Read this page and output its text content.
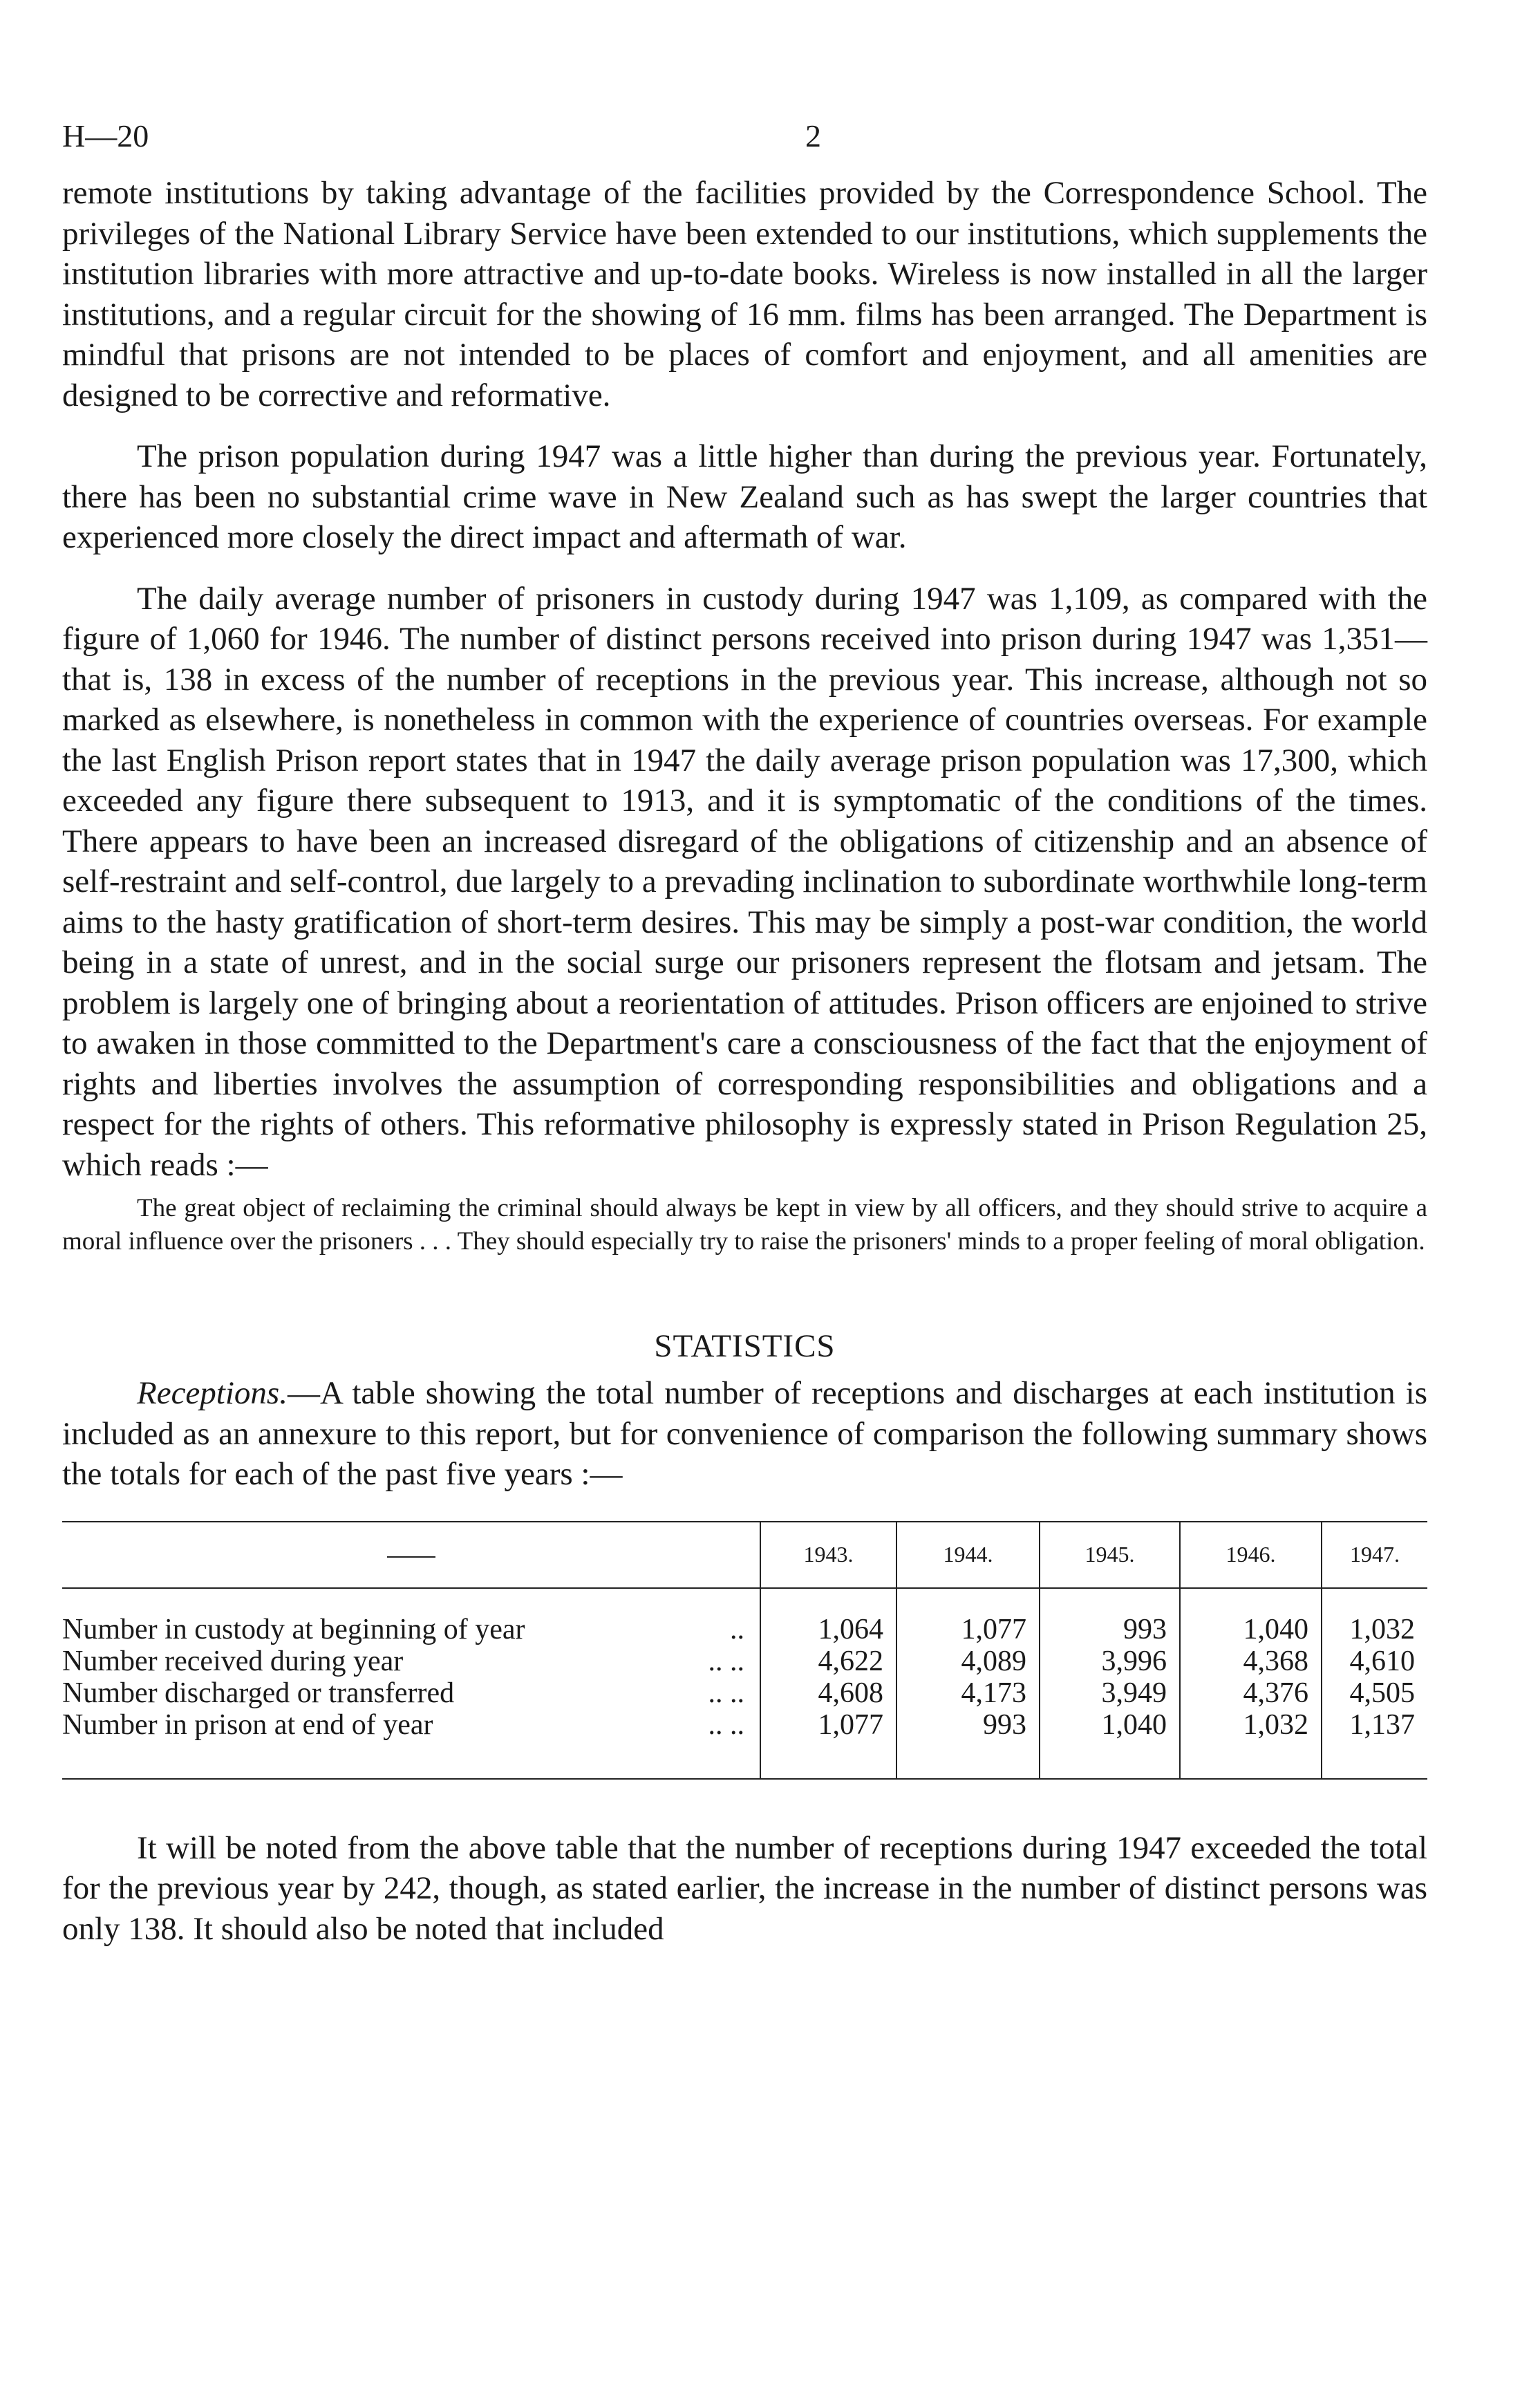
H—20	2

remote institutions by taking advantage of the facilities provided by the Correspondence School. The privileges of the National Library Service have been extended to our institutions, which supplements the institution libraries with more attractive and up-to-date books. Wireless is now installed in all the larger institutions, and a regular circuit for the showing of 16 mm. films has been arranged. The Department is mindful that prisons are not intended to be places of comfort and enjoyment, and all amenities are designed to be corrective and reformative.

The prison population during 1947 was a little higher than during the previous year. Fortunately, there has been no substantial crime wave in New Zealand such as has swept the larger countries that experienced more closely the direct impact and aftermath of war.

The daily average number of prisoners in custody during 1947 was 1,109, as compared with the figure of 1,060 for 1946. The number of distinct persons received into prison during 1947 was 1,351—that is, 138 in excess of the number of receptions in the previous year. This increase, although not so marked as elsewhere, is nonetheless in common with the experience of countries overseas. For example the last English Prison report states that in 1947 the daily average prison population was 17,300, which exceeded any figure there subsequent to 1913, and it is symptomatic of the conditions of the times. There appears to have been an increased disregard of the obligations of citizenship and an absence of self-restraint and self-control, due largely to a prevading inclination to subordinate worthwhile long-term aims to the hasty gratification of short-term desires. This may be simply a post-war condition, the world being in a state of unrest, and in the social surge our prisoners represent the flotsam and jetsam. The problem is largely one of bringing about a reorientation of attitudes. Prison officers are enjoined to strive to awaken in those committed to the Department's care a consciousness of the fact that the enjoyment of rights and liberties involves the assumption of corresponding responsibilities and obligations and a respect for the rights of others. This reformative philosophy is expressly stated in Prison Regulation 25, which reads :—

The great object of reclaiming the criminal should always be kept in view by all officers, and they should strive to acquire a moral influence over the prisoners . . . They should especially try to raise the prisoners' minds to a proper feeling of moral obligation.

STATISTICS

Receptions.—A table showing the total number of receptions and discharges at each institution is included as an annexure to this report, but for convenience of comparison the following summary shows the totals for each of the past five years :—

		1943.	1944.	1945.	1946.	1947.
Number in custody at beginning of year	..	1,064	1,077	993	1,040	1,032
Number received during year	.. ..	4,622	4,089	3,996	4,368	4,610
Number discharged or transferred	.. ..	4,608	4,173	3,949	4,376	4,505
Number in prison at end of year	.. ..	1,077	993	1,040	1,032	1,137

It will be noted from the above table that the number of receptions during 1947 exceeded the total for the previous year by 242, though, as stated earlier, the increase in the number of distinct persons was only 138. It should also be noted that included
